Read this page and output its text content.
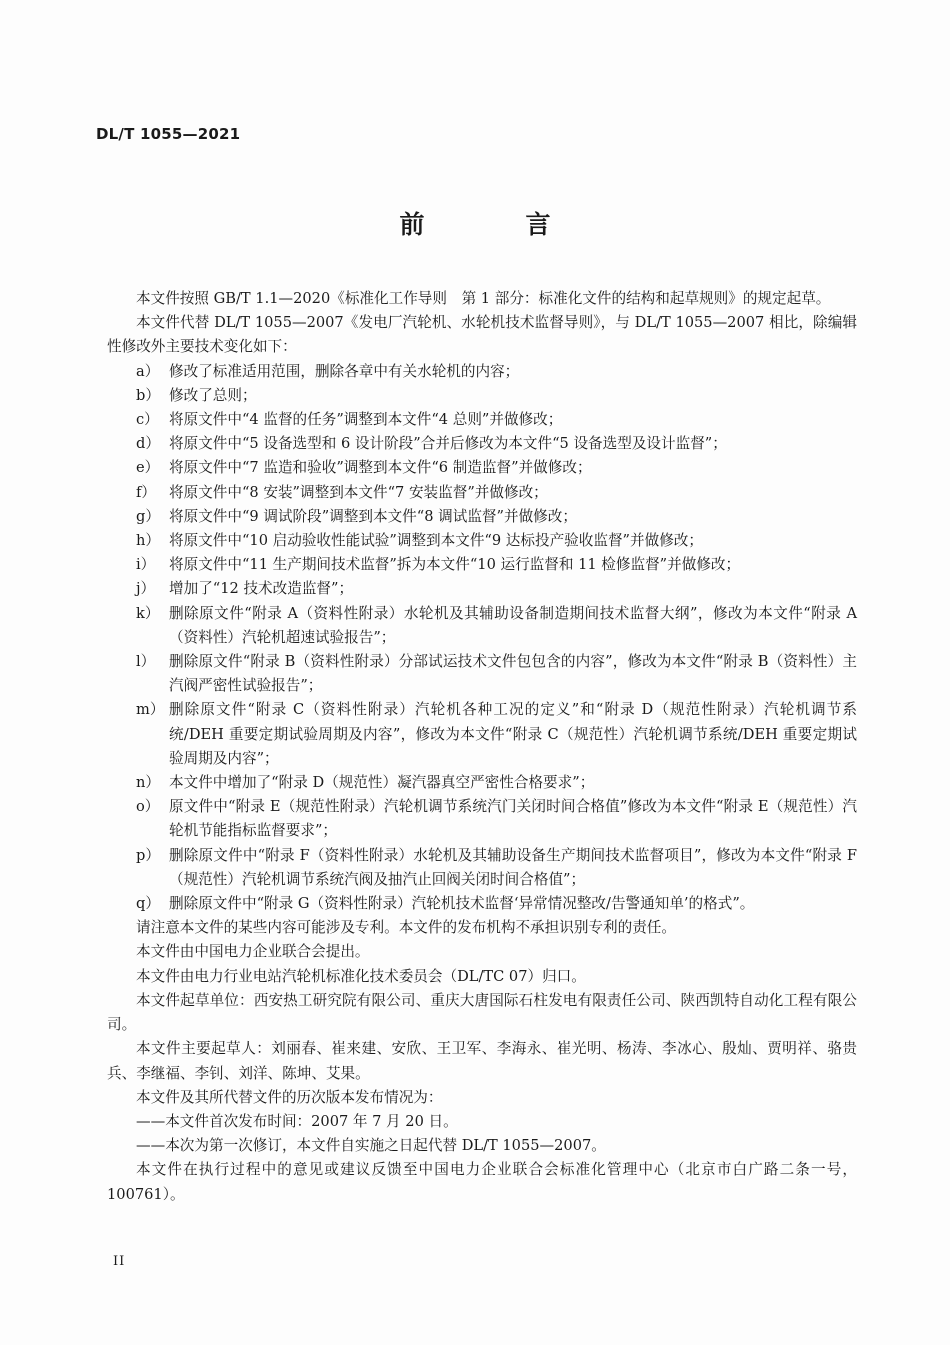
DL/T 1055—2021
前　言

本文件按照 GB/T 1.1—2020《标准化工作导则　第 1 部分：标准化文件的结构和起草规则》的规定起草。

本文件代替 DL/T 1055—2007《发电厂汽轮机、水轮机技术监督导则》，与 DL/T 1055—2007 相比，除编辑性修改外主要技术变化如下：

a） 修改了标准适用范围，删除各章中有关水轮机的内容；
b） 修改了总则；
c） 将原文件中“4 监督的任务”调整到本文件“4 总则”并做修改；
d） 将原文件中“5 设备选型和 6 设计阶段”合并后修改为本文件“5 设备选型及设计监督”；
e） 将原文件中“7 监造和验收”调整到本文件“6 制造监督”并做修改；
f） 将原文件中“8 安装”调整到本文件“7 安装监督”并做修改；
g） 将原文件中“9 调试阶段”调整到本文件“8 调试监督”并做修改；
h） 将原文件中“10 启动验收性能试验”调整到本文件“9 达标投产验收监督”并做修改；
i） 将原文件中“11 生产期间技术监督”拆为本文件“10 运行监督和 11 检修监督”并做修改；
j） 增加了“12 技术改造监督”；
k） 删除原文件“附录 A（资料性附录）水轮机及其辅助设备制造期间技术监督大纲”，修改为本文件“附录 A（资料性）汽轮机超速试验报告”；
l） 删除原文件“附录 B（资料性附录）分部试运技术文件包包含的内容”，修改为本文件“附录 B（资料性）主汽阀严密性试验报告”；
m） 删除原文件“附录 C（资料性附录）汽轮机各种工况的定义”和“附录 D（规范性附录）汽轮机调节系统/DEH 重要定期试验周期及内容”，修改为本文件“附录 C（规范性）汽轮机调节系统/DEH 重要定期试验周期及内容”；
n） 本文件中增加了“附录 D（规范性）凝汽器真空严密性合格要求”；
o） 原文件中“附录 E（规范性附录）汽轮机调节系统汽门关闭时间合格值”修改为本文件“附录 E（规范性）汽轮机节能指标监督要求”；
p） 删除原文件中“附录 F（资料性附录）水轮机及其辅助设备生产期间技术监督项目”，修改为本文件“附录 F（规范性）汽轮机调节系统汽阀及抽汽止回阀关闭时间合格值”；
q） 删除原文件中“附录 G（资料性附录）汽轮机技术监督‘异常情况整改/告警通知单’的格式”。

请注意本文件的某些内容可能涉及专利。本文件的发布机构不承担识别专利的责任。

本文件由中国电力企业联合会提出。

本文件由电力行业电站汽轮机标准化技术委员会（DL/TC 07）归口。

本文件起草单位：西安热工研究院有限公司、重庆大唐国际石柱发电有限责任公司、陕西凯特自动化工程有限公司。

本文件主要起草人：刘丽春、崔来建、安欣、王卫军、李海永、崔光明、杨涛、李冰心、殷灿、贾明祥、骆贵兵、李继福、李钊、刘洋、陈坤、艾果。

本文件及其所代替文件的历次版本发布情况为：

——本文件首次发布时间：2007 年 7 月 20 日。

——本次为第一次修订，本文件自实施之日起代替 DL/T 1055—2007。

本文件在执行过程中的意见或建议反馈至中国电力企业联合会标准化管理中心（北京市白广路二条一号，100761）。

II
